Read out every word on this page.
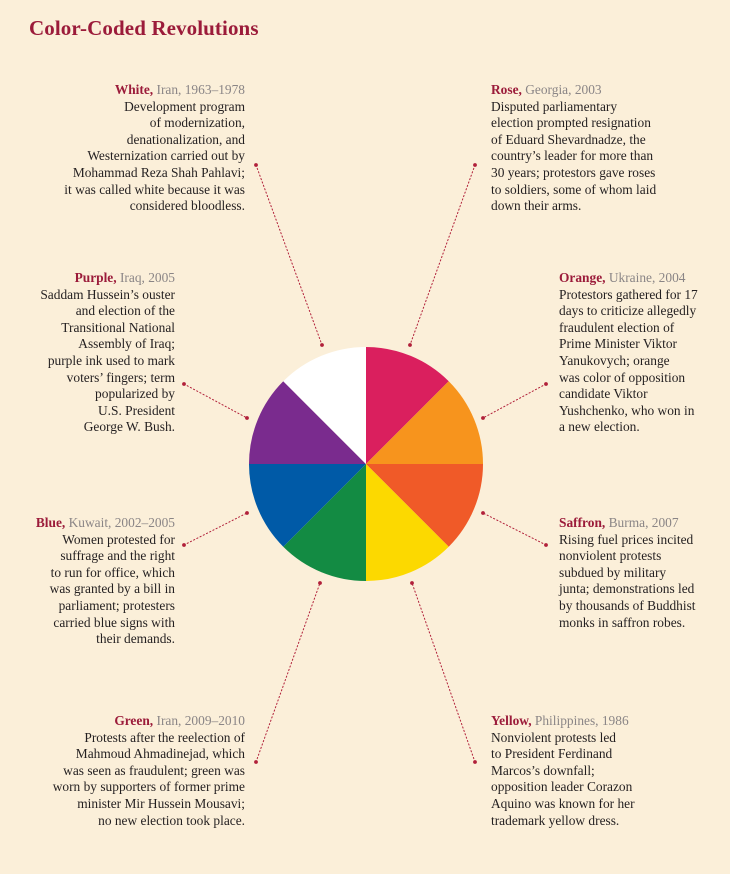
Color-Coded Revolutions
White, Iran, 1963–1978
Development program
of modernization,
denationalization, and
Westernization carried out by
Mohammad Reza Shah Pahlavi;
it was called white because it was
considered bloodless.
Rose, Georgia, 2003
Disputed parliamentary
election prompted resignation
of Eduard Shevardnadze, the
country’s leader for more than
30 years; protestors gave roses
to soldiers, some of whom laid
down their arms.
Purple, Iraq, 2005
Saddam Hussein’s ouster
and election of the
Transitional National
Assembly of Iraq;
purple ink used to mark
voters’ fingers; term
popularized by
U.S. President
George W. Bush.
Orange, Ukraine, 2004
Protestors gathered for 17
days to criticize allegedly
fraudulent election of
Prime Minister Viktor
Yanukovych; orange
was color of opposition
candidate Viktor
Yushchenko, who won in
a new election.
Blue, Kuwait, 2002–2005
Women protested for
suffrage and the right
to run for office, which
was granted by a bill in
parliament; protesters
carried blue signs with
their demands.
Saffron, Burma, 2007
Rising fuel prices incited
nonviolent protests
subdued by military
junta; demonstrations led
by thousands of Buddhist
monks in saffron robes.
Green, Iran, 2009–2010
Protests after the reelection of
Mahmoud Ahmadinejad, which
was seen as fraudulent; green was
worn by supporters of former prime
minister Mir Hussein Mousavi;
no new election took place.
Yellow, Philippines, 1986
Nonviolent protests led
to President Ferdinand
Marcos’s downfall;
opposition leader Corazon
Aquino was known for her
trademark yellow dress.
